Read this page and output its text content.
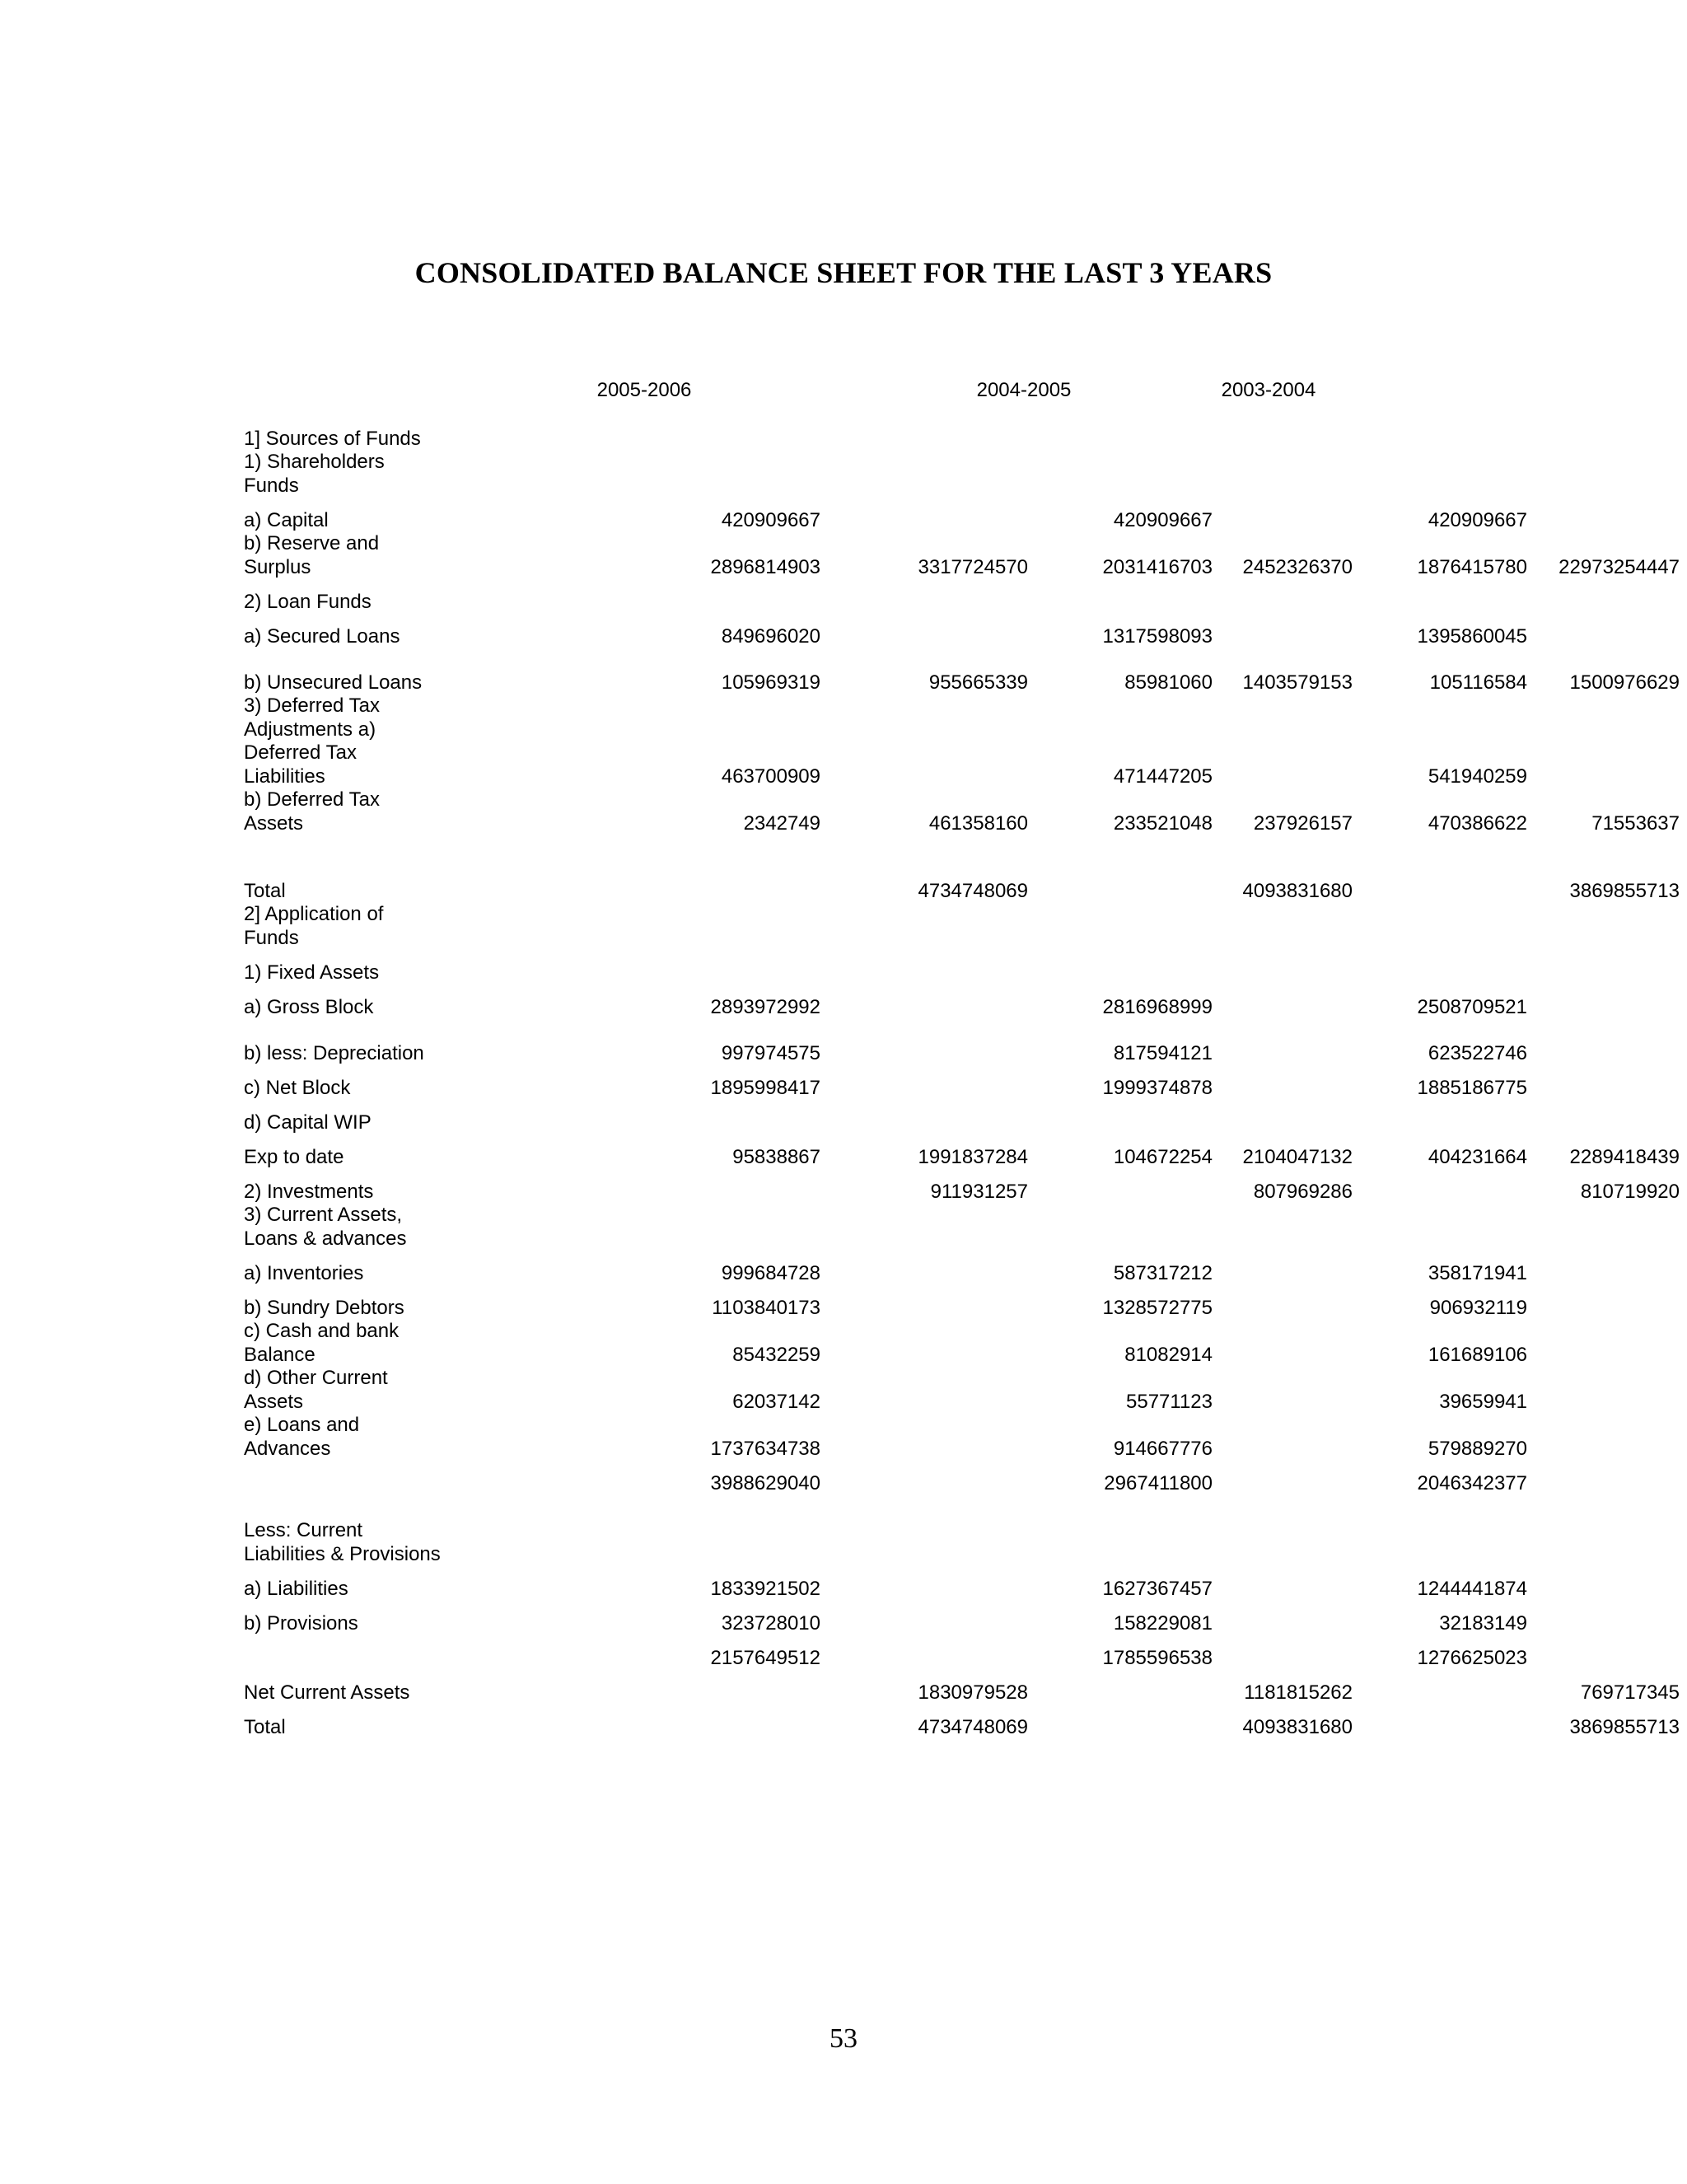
CONSOLIDATED BALANCE SHEET FOR THE LAST 3 YEARS
2005-2006	2004-2005	2003-2004
1] Sources of Funds 1) Shareholders Funds						
a) Capital	420909667		420909667		420909667	
b) Reserve and Surplus	2896814903	3317724570	2031416703	2452326370	1876415780	22973254447
2) Loan Funds						
a) Secured Loans	849696020		1317598093		1395860045	
b) Unsecured Loans	105969319	955665339	85981060	1403579153	105116584	1500976629
3) Deferred Tax Adjustments a) Deferred Tax Liabilities	463700909		471447205		541940259	
b) Deferred Tax Assets	2342749	461358160	233521048	237926157	470386622	71553637
Total		4734748069		4093831680		3869855713
2] Application of Funds						
1) Fixed Assets						
a) Gross Block	2893972992		2816968999		2508709521	
b) less: Depreciation	997974575		817594121		623522746	
c) Net Block	1895998417		1999374878		1885186775	
d) Capital WIP						
Exp to date	95838867	1991837284	104672254	2104047132	404231664	2289418439
2) Investments		911931257		807969286		810719920
3) Current Assets, Loans & advances						
a) Inventories	999684728		587317212		358171941	
b) Sundry Debtors	1103840173		1328572775		906932119	
c) Cash and bank Balance	85432259		81082914		161689106	
d) Other Current Assets	62037142		55771123		39659941	
e) Loans and Advances	1737634738		914667776		579889270	
	3988629040		2967411800		2046342377	
Less: Current Liabilities & Provisions						
a) Liabilities	1833921502		1627367457		1244441874	
b) Provisions	323728010		158229081		32183149	
	2157649512		1785596538		1276625023	
Net Current Assets		1830979528		1181815262		769717345
Total		4734748069		4093831680		3869855713
53
